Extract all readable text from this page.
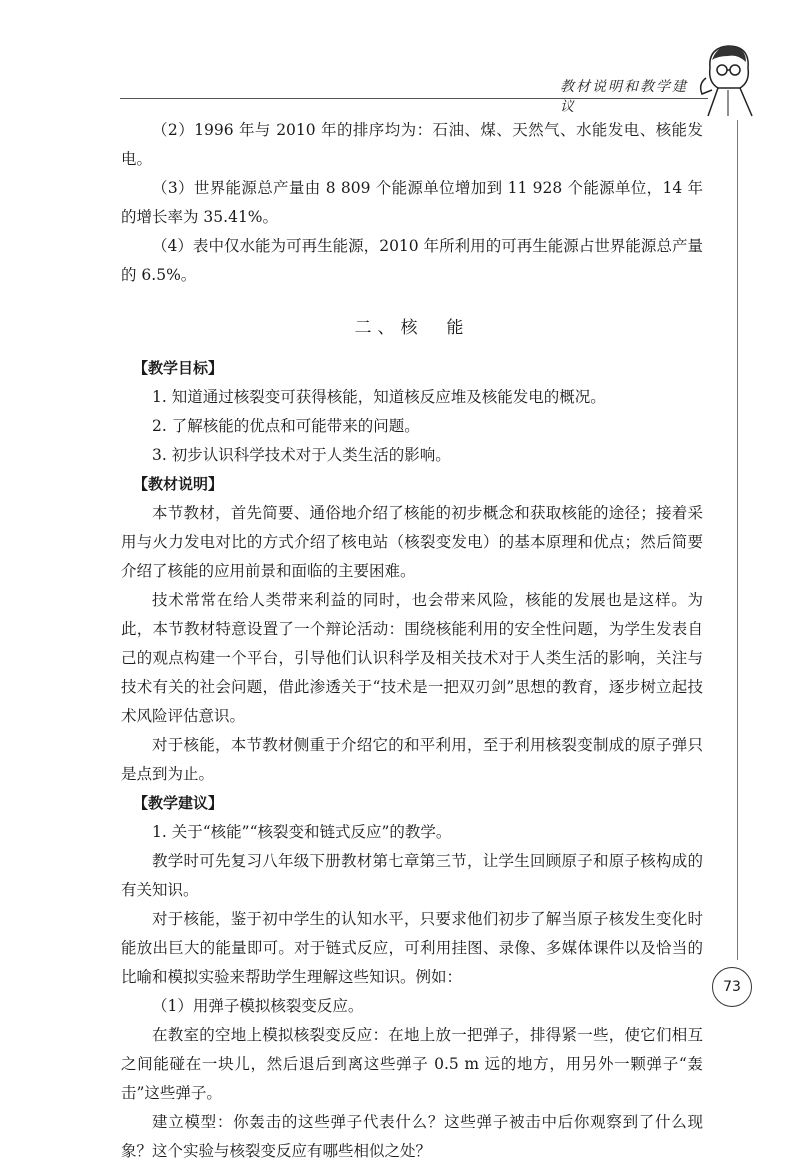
教材说明和教学建议

（2）1996 年与 2010 年的排序均为：石油、煤、天然气、水能发电、核能发电。

（3）世界能源总产量由 8 809 个能源单位增加到 11 928 个能源单位，14 年的增长率为 35.41%。

（4）表中仅水能为可再生能源，2010 年所利用的可再生能源占世界能源总产量的 6.5%。

二、核　能

【教学目标】

1. 知道通过核裂变可获得核能，知道核反应堆及核能发电的概况。

2. 了解核能的优点和可能带来的问题。

3. 初步认识科学技术对于人类生活的影响。

【教材说明】

本节教材，首先简要、通俗地介绍了核能的初步概念和获取核能的途径；接着采用与火力发电对比的方式介绍了核电站（核裂变发电）的基本原理和优点；然后简要介绍了核能的应用前景和面临的主要困难。

技术常常在给人类带来利益的同时，也会带来风险，核能的发展也是这样。为此，本节教材特意设置了一个辩论活动：围绕核能利用的安全性问题，为学生发表自己的观点构建一个平台，引导他们认识科学及相关技术对于人类生活的影响，关注与技术有关的社会问题，借此渗透关于“技术是一把双刃剑”思想的教育，逐步树立起技术风险评估意识。

对于核能，本节教材侧重于介绍它的和平利用，至于利用核裂变制成的原子弹只是点到为止。

【教学建议】

1. 关于“核能”“核裂变和链式反应”的教学。

教学时可先复习八年级下册教材第七章第三节，让学生回顾原子和原子核构成的有关知识。

对于核能，鉴于初中学生的认知水平，只要求他们初步了解当原子核发生变化时能放出巨大的能量即可。对于链式反应，可利用挂图、录像、多媒体课件以及恰当的比喻和模拟实验来帮助学生理解这些知识。例如：

（1）用弹子模拟核裂变反应。

在教室的空地上模拟核裂变反应：在地上放一把弹子，排得紧一些，使它们相互之间能碰在一块儿，然后退后到离这些弹子 0.5 m 远的地方，用另外一颗弹子“轰击”这些弹子。

建立模型：你轰击的这些弹子代表什么？这些弹子被击中后你观察到了什么现象？这个实验与核裂变反应有哪些相似之处？

73
